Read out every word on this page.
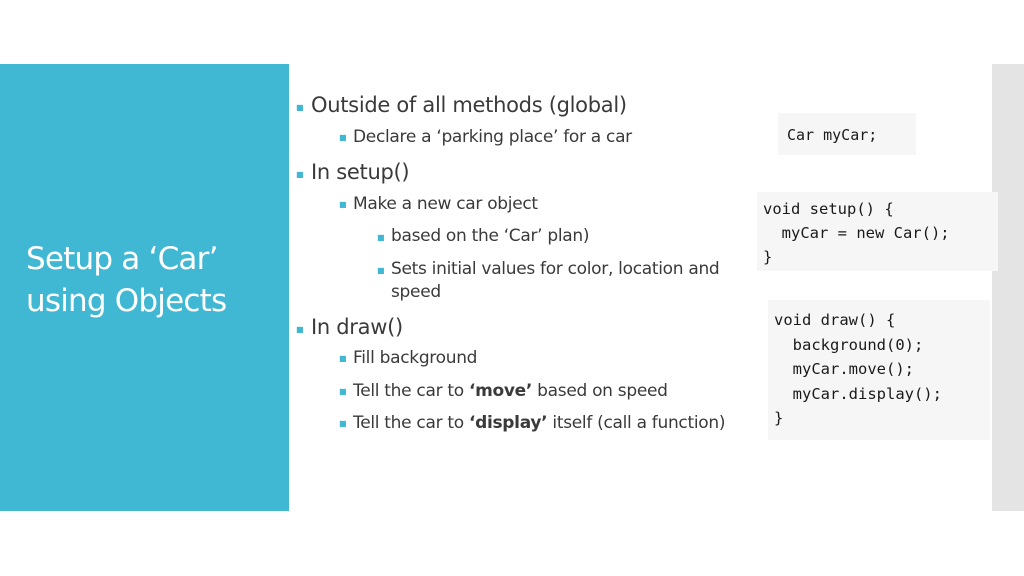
Setup a ‘Car’ using Objects
■ Outside of all methods (global)
■ Declare a ‘parking place’ for a car
■ In setup()
■ Make a new car object
■ based on the ‘Car’ plan)
■ Sets initial values for color, location and speed
■ In draw()
■ Fill background
■ Tell the car to ‘move’ based on speed
■ Tell the car to ‘display’ itself (call a function)
Car myCar;
void setup() {
myCar = new Car();
}
void draw() {
background(0);
myCar.move();
myCar.display();
}
